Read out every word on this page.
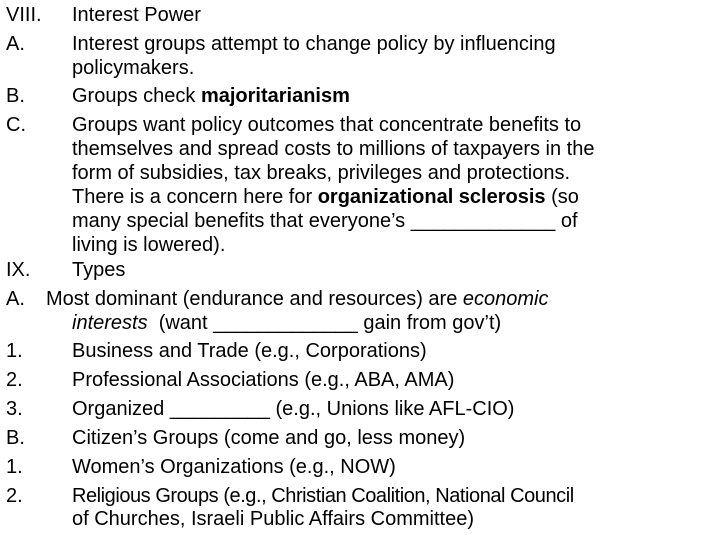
VIII. Interest Power
A. Interest groups attempt to change policy by influencing
policymakers.
B. Groups check majoritarianism
C. Groups want policy outcomes that concentrate benefits to
themselves and spread costs to millions of taxpayers in the
form of subsidies, tax breaks, privileges and protections.
There is a concern here for organizational sclerosis (so
many special benefits that everyone’s _____________ of
living is lowered).
IX. Types
A. Most dominant (endurance and resources) are economic
interests  (want _____________ gain from gov’t)
1. Business and Trade (e.g., Corporations)
2. Professional Associations (e.g., ABA, AMA)
3. Organized _________ (e.g., Unions like AFL-CIO)
B. Citizen’s Groups (come and go, less money)
1. Women’s Organizations (e.g., NOW)
2. Religious Groups (e.g., Christian Coalition, National Council
of Churches, Israeli Public Affairs Committee)
